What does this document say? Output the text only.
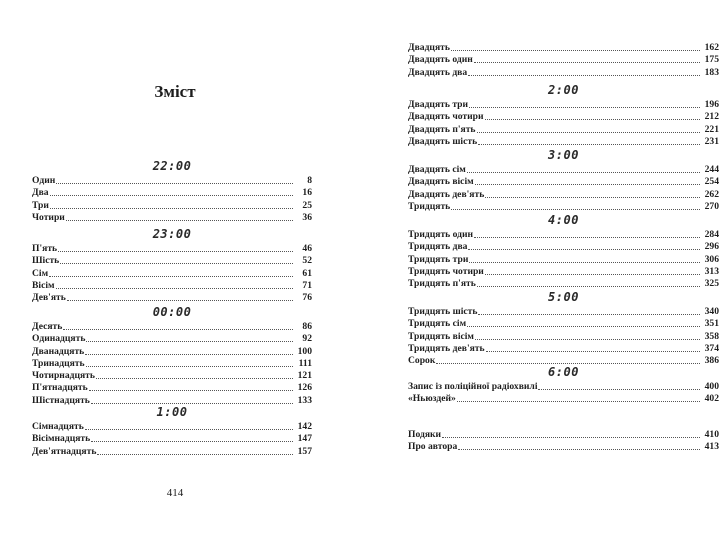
Зміст
22:00
Один	8
Два	16
Три	25
Чотири	36
23:00
П'ять	46
Шість	52
Сім	61
Вісім	71
Дев'ять	76
00:00
Десять	86
Одинадцять	92
Дванадцять	100
Тринадцять	111
Чотирнадцять	121
П'ятнадцять	126
Шістнадцять	133
1:00
Сімнадцять	142
Вісімнадцять	147
Дев'ятнадцять	157
414
Двадцять	162
Двадцять один	175
Двадцять два	183
2:00
Двадцять три	196
Двадцять чотири	212
Двадцять п'ять	221
Двадцять шість	231
3:00
Двадцять сім	244
Двадцять вісім	254
Двадцять дев'ять	262
Тридцять	270
4:00
Тридцять один	284
Тридцять два	296
Тридцять три	306
Тридцять чотири	313
Тридцять п'ять	325
5:00
Тридцять шість	340
Тридцять сім	351
Тридцять вісім	358
Тридцять дев'ять	374
Сорок	386
6:00
Запис із поліційної радіохвилі	400
«Ньюздей»	402
Подяки	410
Про автора	413
